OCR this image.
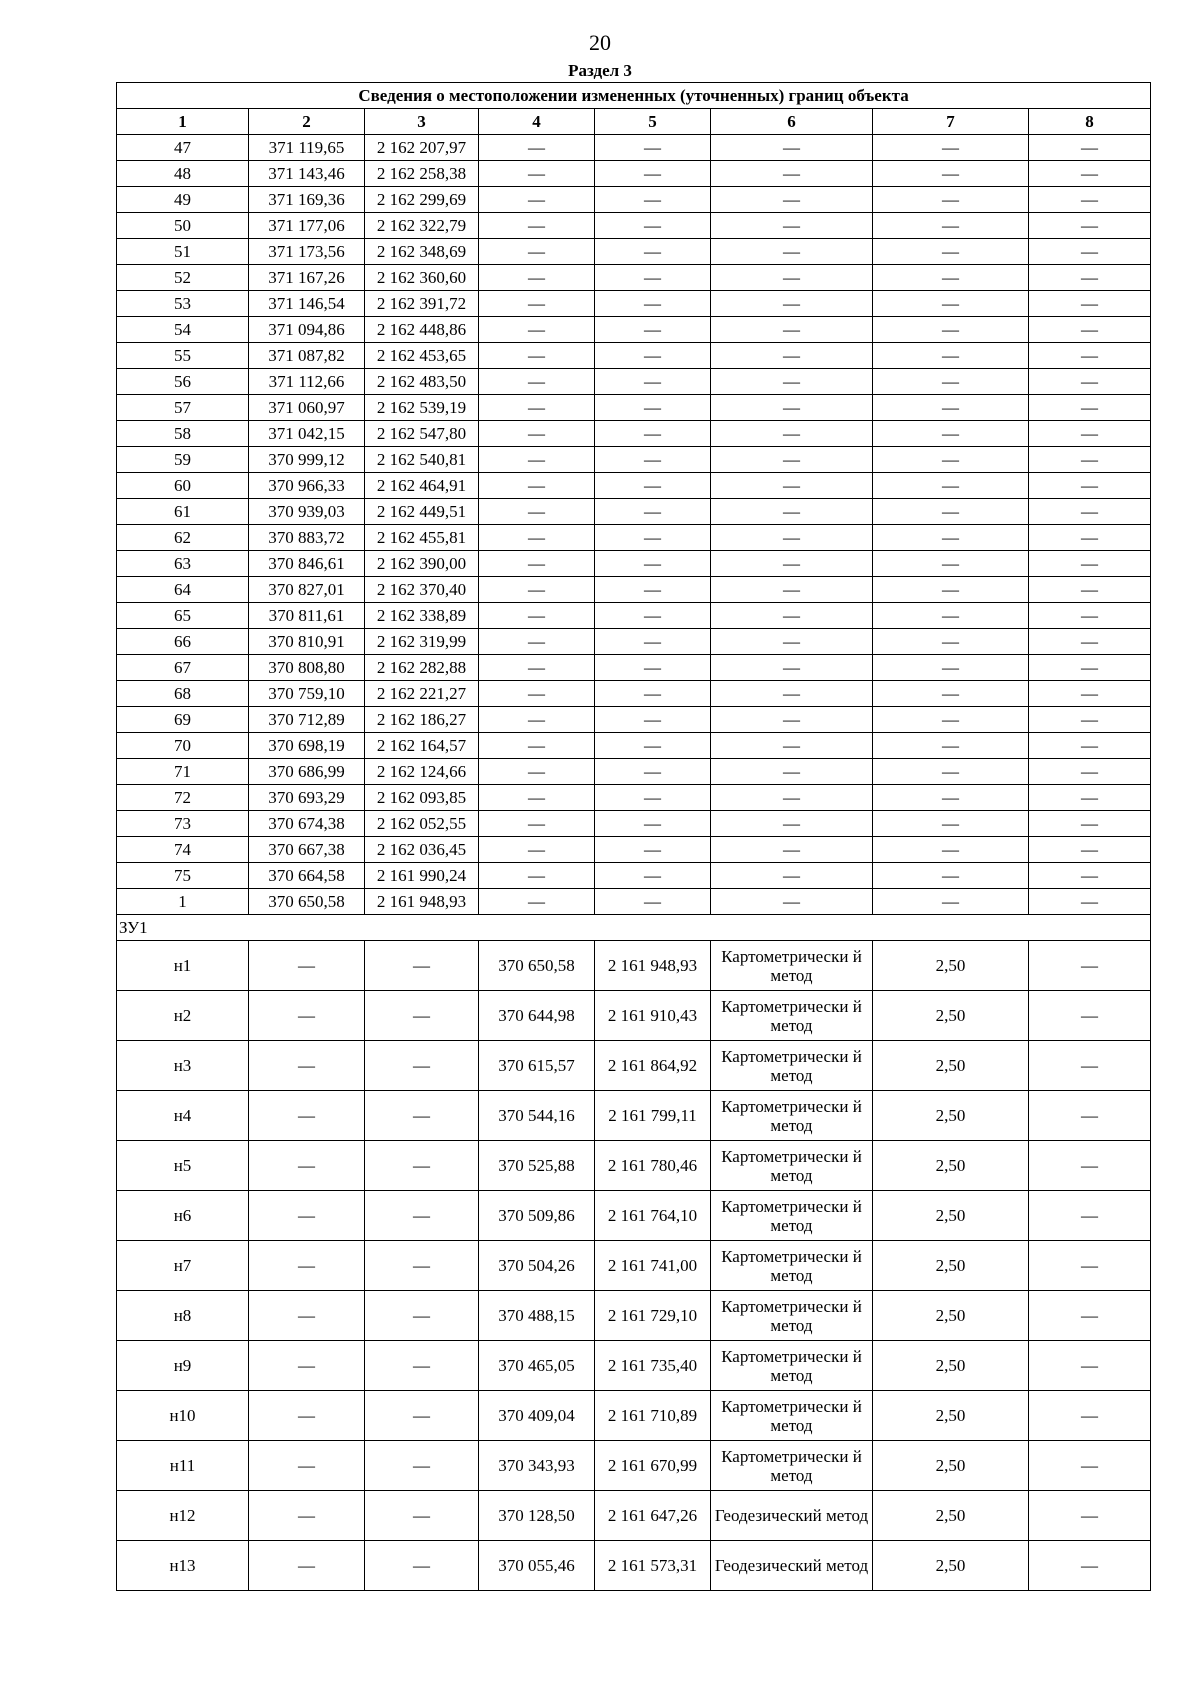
20
Раздел 3
Сведения о местоположении измененных (уточненных) границ объекта							
1	2	3	4	5	6	7	8
47	371 119,65	2 162 207,97	—	—	—	—	—
48	371 143,46	2 162 258,38	—	—	—	—	—
49	371 169,36	2 162 299,69	—	—	—	—	—
50	371 177,06	2 162 322,79	—	—	—	—	—
51	371 173,56	2 162 348,69	—	—	—	—	—
52	371 167,26	2 162 360,60	—	—	—	—	—
53	371 146,54	2 162 391,72	—	—	—	—	—
54	371 094,86	2 162 448,86	—	—	—	—	—
55	371 087,82	2 162 453,65	—	—	—	—	—
56	371 112,66	2 162 483,50	—	—	—	—	—
57	371 060,97	2 162 539,19	—	—	—	—	—
58	371 042,15	2 162 547,80	—	—	—	—	—
59	370 999,12	2 162 540,81	—	—	—	—	—
60	370 966,33	2 162 464,91	—	—	—	—	—
61	370 939,03	2 162 449,51	—	—	—	—	—
62	370 883,72	2 162 455,81	—	—	—	—	—
63	370 846,61	2 162 390,00	—	—	—	—	—
64	370 827,01	2 162 370,40	—	—	—	—	—
65	370 811,61	2 162 338,89	—	—	—	—	—
66	370 810,91	2 162 319,99	—	—	—	—	—
67	370 808,80	2 162 282,88	—	—	—	—	—
68	370 759,10	2 162 221,27	—	—	—	—	—
69	370 712,89	2 162 186,27	—	—	—	—	—
70	370 698,19	2 162 164,57	—	—	—	—	—
71	370 686,99	2 162 124,66	—	—	—	—	—
72	370 693,29	2 162 093,85	—	—	—	—	—
73	370 674,38	2 162 052,55	—	—	—	—	—
74	370 667,38	2 162 036,45	—	—	—	—	—
75	370 664,58	2 161 990,24	—	—	—	—	—
1	370 650,58	2 161 948,93	—	—	—	—	—
ЗУ1							
н1	—	—	370 650,58	2 161 948,93	Картометрически й метод	2,50	—
н2	—	—	370 644,98	2 161 910,43	Картометрически й метод	2,50	—
н3	—	—	370 615,57	2 161 864,92	Картометрически й метод	2,50	—
н4	—	—	370 544,16	2 161 799,11	Картометрически й метод	2,50	—
н5	—	—	370 525,88	2 161 780,46	Картометрически й метод	2,50	—
н6	—	—	370 509,86	2 161 764,10	Картометрически й метод	2,50	—
н7	—	—	370 504,26	2 161 741,00	Картометрически й метод	2,50	—
н8	—	—	370 488,15	2 161 729,10	Картометрически й метод	2,50	—
н9	—	—	370 465,05	2 161 735,40	Картометрически й метод	2,50	—
н10	—	—	370 409,04	2 161 710,89	Картометрически й метод	2,50	—
н11	—	—	370 343,93	2 161 670,99	Картометрически й метод	2,50	—
н12	—	—	370 128,50	2 161 647,26	Геодезический метод	2,50	—
н13	—	—	370 055,46	2 161 573,31	Геодезический метод	2,50	—
